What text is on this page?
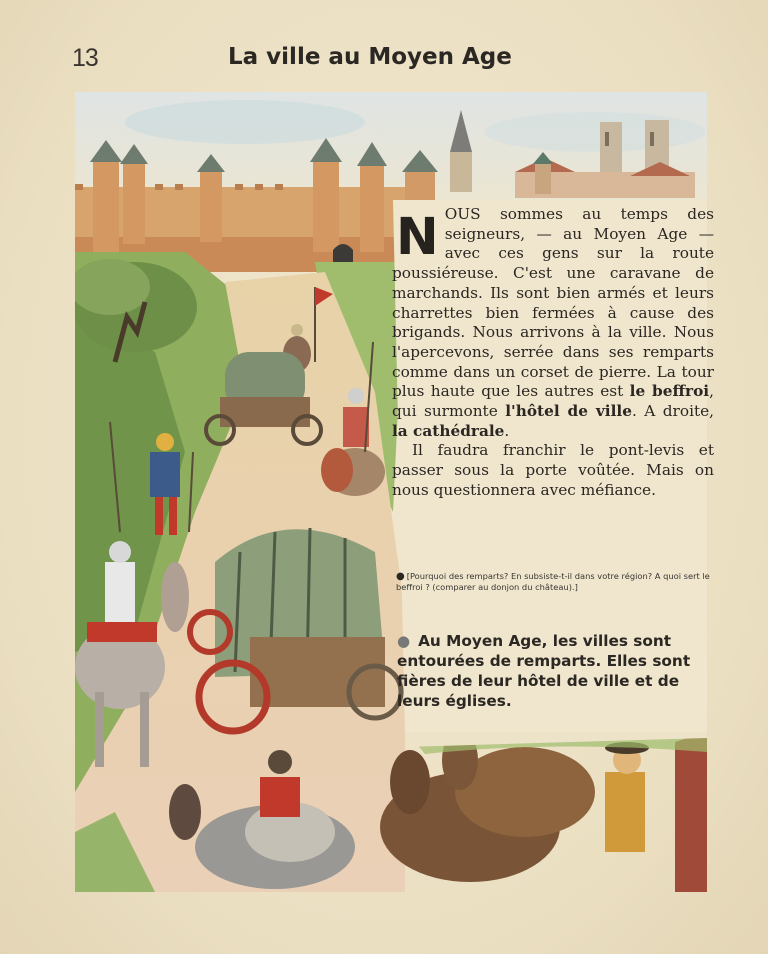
13	La ville au Moyen Age

NOUS sommes au temps des seigneurs, — au Moyen Age — avec ces gens sur la route poussiéreuse. C'est une caravane de marchands. Ils sont bien armés et leurs charrettes bien fermées à cause des brigands. Nous arrivons à la ville. Nous l'apercevons, serrée dans ses remparts comme dans un corset de pierre. La tour plus haute que les autres est le beffroi, qui surmonte l'hôtel de ville. A droite, la cathédrale.

Il faudra franchir le pont-levis et passer sous la porte voûtée. Mais on nous questionnera avec méfiance.

● [Pourquoi des remparts? En subsiste-t-il dans votre région? A quoi sert le beffroi ? (comparer au donjon du château).]
● Au Moyen Age, les villes sont entourées de remparts. Elles sont fières de leur hôtel de ville et de leurs églises.
